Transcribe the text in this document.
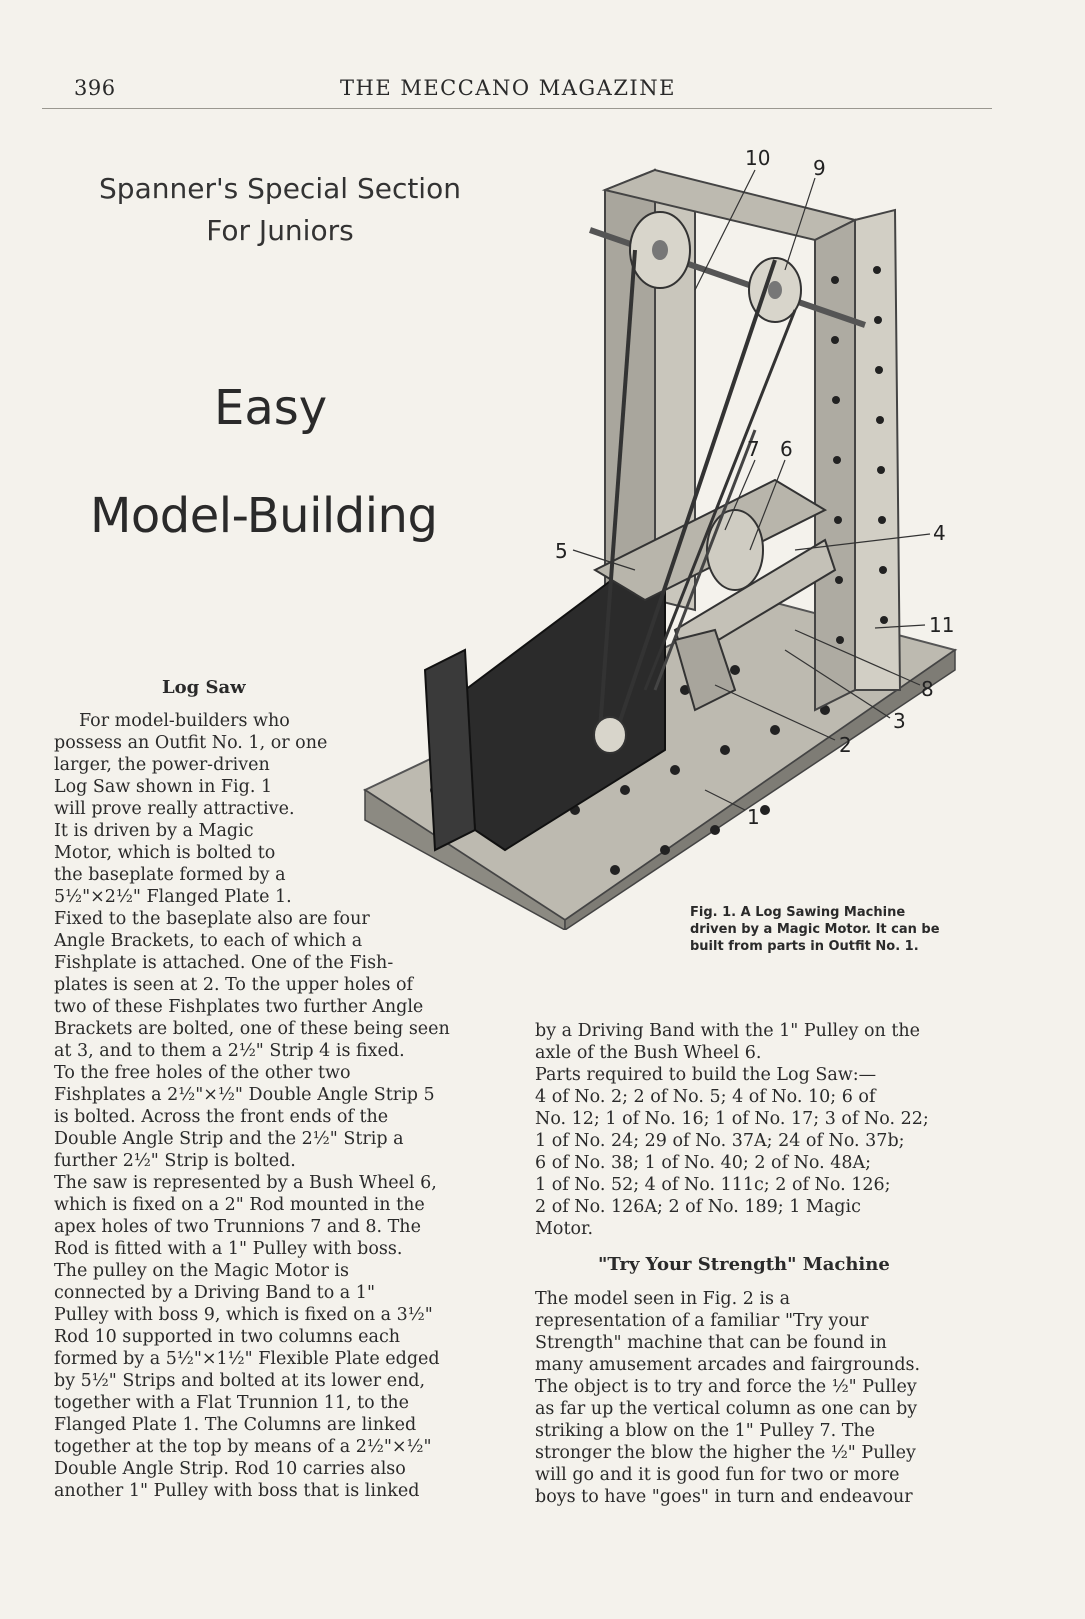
396	THE MECCANO MAGAZINE
Spanner's Special Section
For Juniors
Easy
Model-Building
10 9
7 6
5
4
11
8
3
2
1
Fig. 1. A Log Sawing Machine
driven by a Magic Motor. It can be
built from parts in Outfit No. 1.
Log Saw
For model-builders who
possess an Outfit No. 1, or one
larger, the power-driven
Log Saw shown in Fig. 1
will prove really attractive.
It is driven by a Magic
Motor, which is bolted to
the baseplate formed by a
5½"×2½" Flanged Plate 1.
Fixed to the baseplate also are four
Angle Brackets, to each of which a
Fishplate is attached. One of the Fish-
plates is seen at 2. To the upper holes of
two of these Fishplates two further Angle
Brackets are bolted, one of these being seen
at 3, and to them a 2½" Strip 4 is fixed.
To the free holes of the other two
Fishplates a 2½"×½" Double Angle Strip 5
is bolted. Across the front ends of the
Double Angle Strip and the 2½" Strip a
further 2½" Strip is bolted.
The saw is represented by a Bush Wheel 6,
which is fixed on a 2" Rod mounted in the
apex holes of two Trunnions 7 and 8. The
Rod is fitted with a 1" Pulley with boss.
The pulley on the Magic Motor is
connected by a Driving Band to a 1"
Pulley with boss 9, which is fixed on a 3½"
Rod 10 supported in two columns each
formed by a 5½"×1½" Flexible Plate edged
by 5½" Strips and bolted at its lower end,
together with a Flat Trunnion 11, to the
Flanged Plate 1. The Columns are linked
together at the top by means of a 2½"×½"
Double Angle Strip. Rod 10 carries also
another 1" Pulley with boss that is linked
by a Driving Band with the 1" Pulley on the
axle of the Bush Wheel 6.
Parts required to build the Log Saw:—
4 of No. 2; 2 of No. 5; 4 of No. 10; 6 of
No. 12; 1 of No. 16; 1 of No. 17; 3 of No. 22;
1 of No. 24; 29 of No. 37A; 24 of No. 37b;
6 of No. 38; 1 of No. 40; 2 of No. 48A;
1 of No. 52; 4 of No. 111c; 2 of No. 126;
2 of No. 126A; 2 of No. 189; 1 Magic
Motor.
"Try Your Strength" Machine
The model seen in Fig. 2 is a
representation of a familiar "Try your
Strength" machine that can be found in
many amusement arcades and fairgrounds.
The object is to try and force the ½" Pulley
as far up the vertical column as one can by
striking a blow on the 1" Pulley 7. The
stronger the blow the higher the ½" Pulley
will go and it is good fun for two or more
boys to have "goes" in turn and endeavour
